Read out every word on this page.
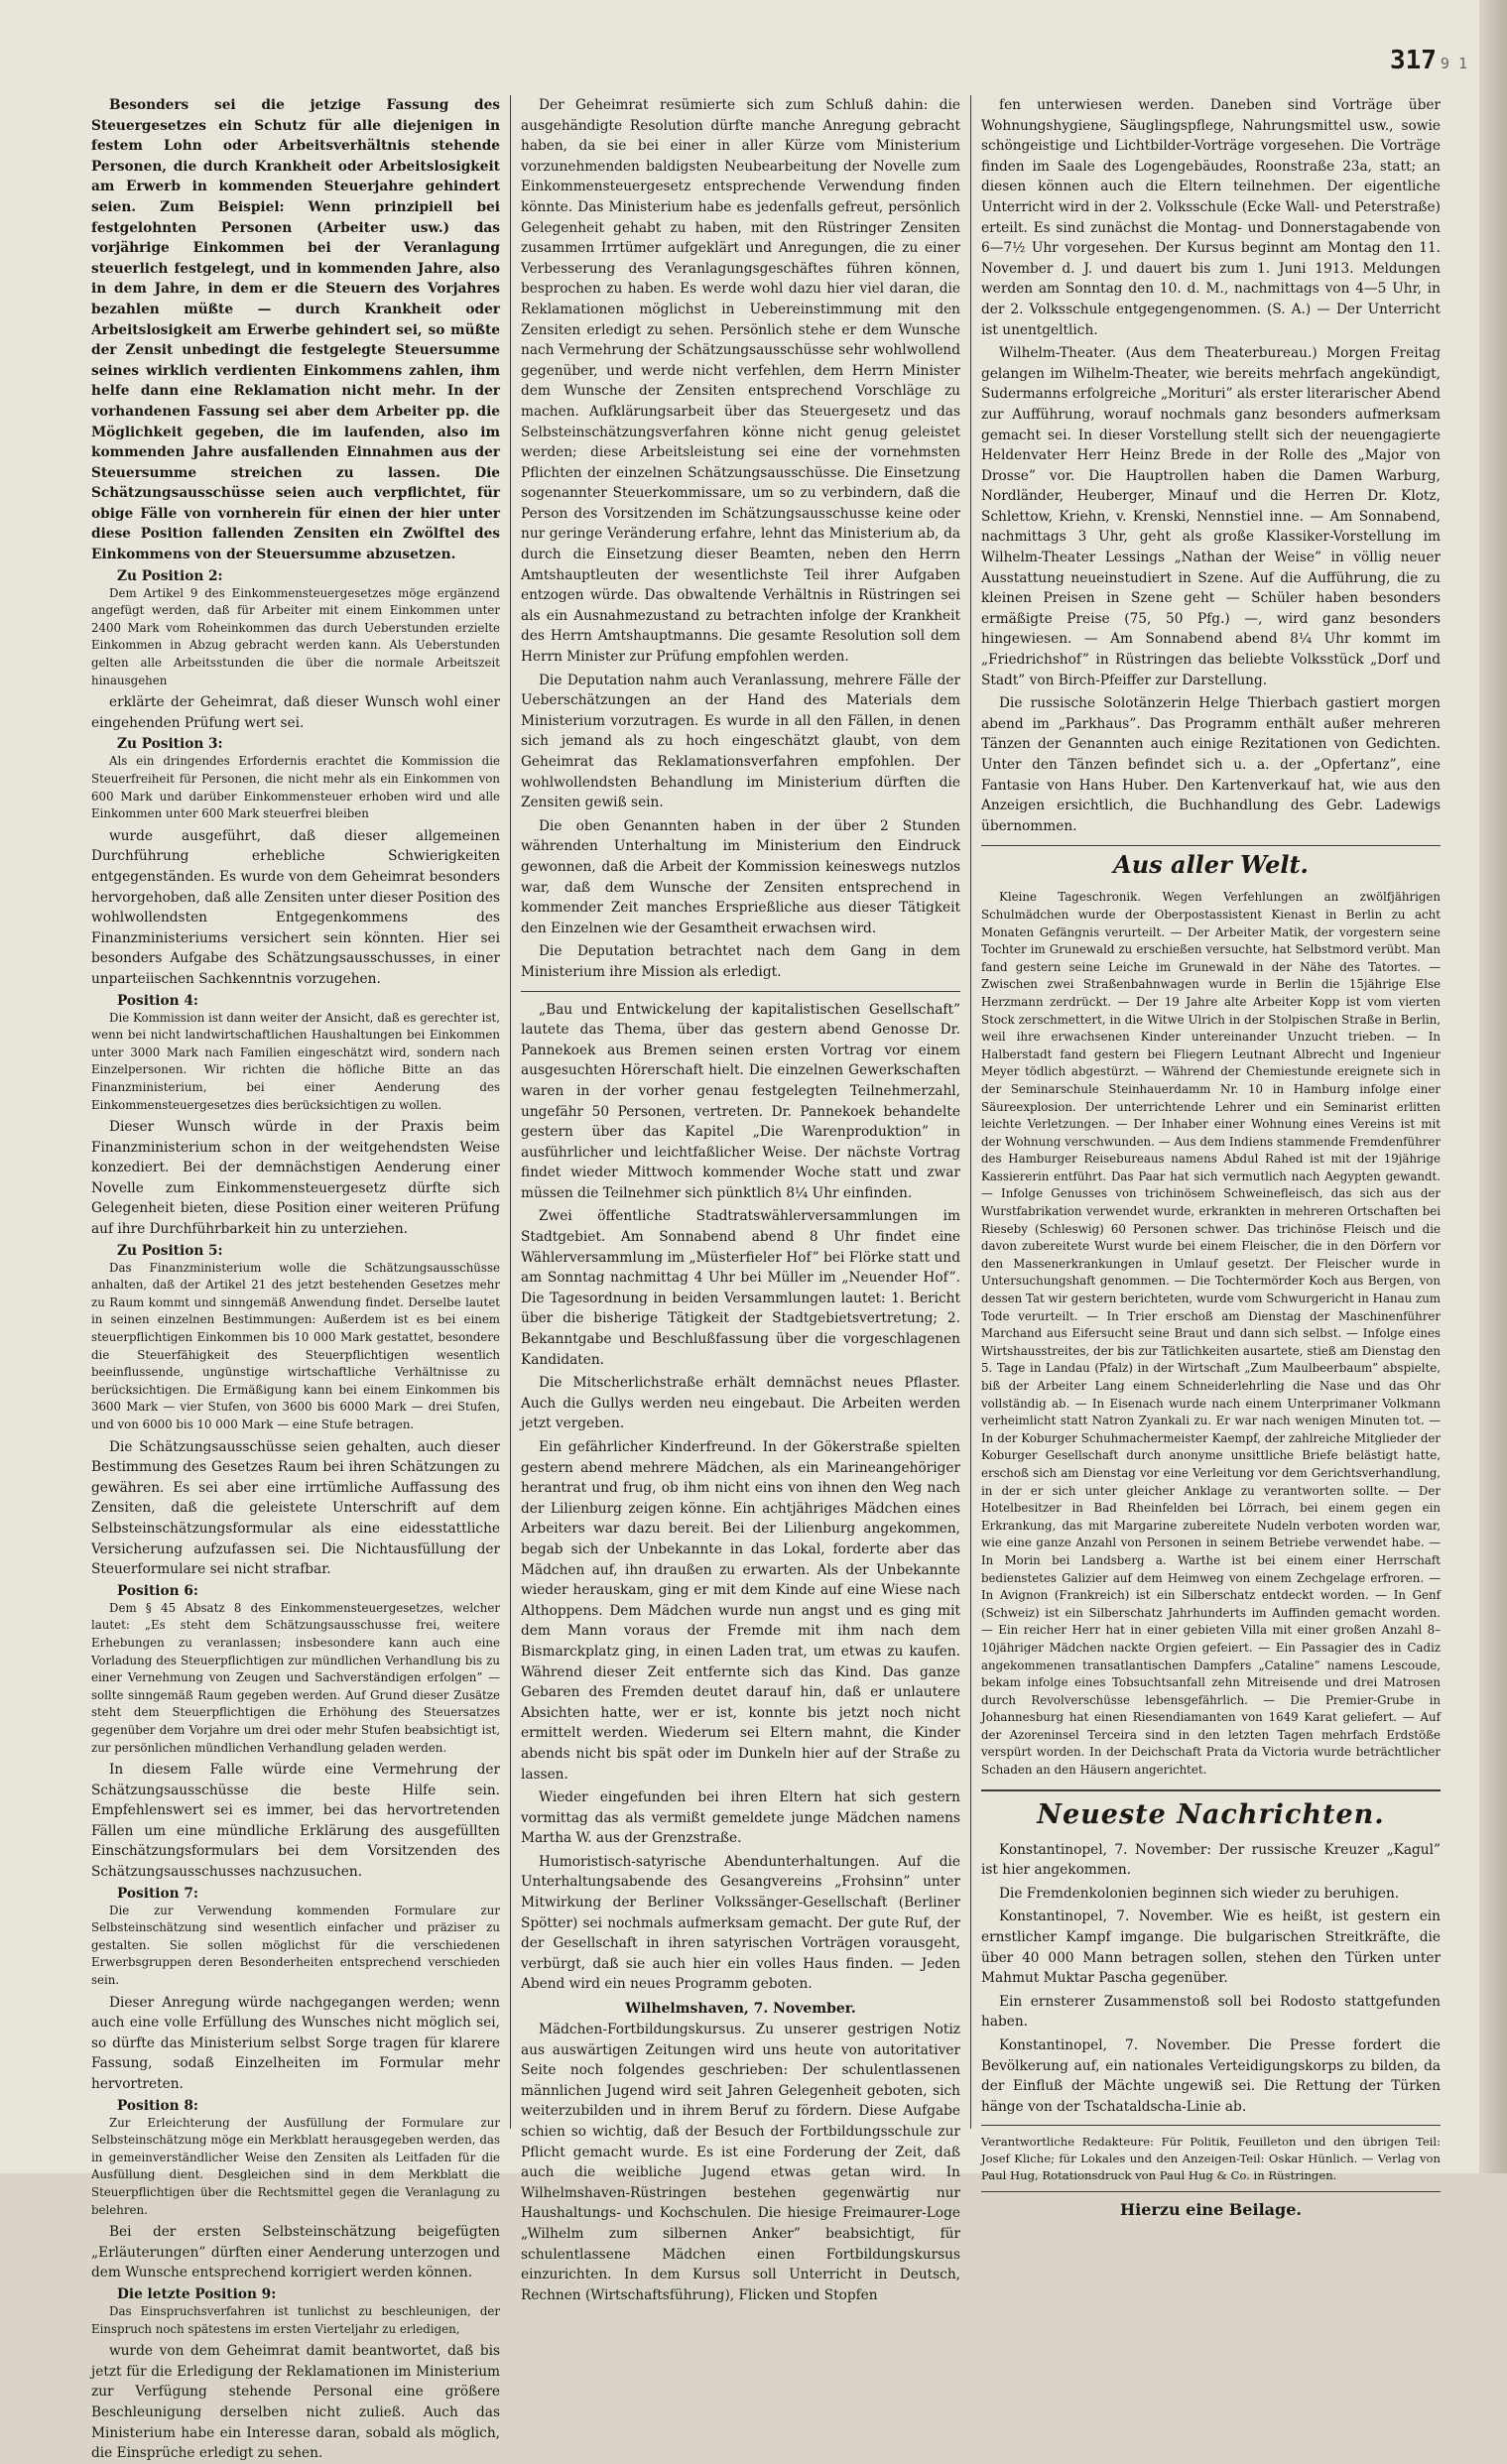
317 9 1

Besonders sei die jetzige Fassung des Steuergesetzes ein Schutz für alle diejenigen in festem Lohn oder Arbeitsverhältnis stehende Personen, die durch Krankheit oder Arbeitslosigkeit am Erwerb in kommenden Steuerjahre gehindert seien. Zum Beispiel: Wenn prinzipiell bei festgelohnten Personen (Arbeiter usw.) das vorjährige Einkommen bei der Veranlagung steuerlich festgelegt, und in kommenden Jahre, also in dem Jahre, in dem er die Steuern des Vorjahres bezahlen müßte — durch Krankheit oder Arbeitslosigkeit am Erwerbe gehindert sei, so müßte der Zensit unbedingt die festgelegte Steuersumme seines wirklich verdienten Einkommens zahlen, ihm helfe dann eine Reklamation nicht mehr. In der vorhandenen Fassung sei aber dem Arbeiter pp. die Möglichkeit gegeben, die im laufenden, also im kommenden Jahre ausfallenden Einnahmen aus der Steuersumme streichen zu lassen. Die Schätzungsausschüsse seien auch verpflichtet, für obige Fälle von vornherein für einen der hier unter diese Position fallenden Zensiten ein Zwölftel des Einkommens von der Steuersumme abzusetzen.

Zu Position 2:

Dem Artikel 9 des Einkommensteuergesetzes möge ergänzend angefügt werden, daß für Arbeiter mit einem Einkommen unter 2400 Mark vom Roheinkommen das durch Ueberstunden erzielte Einkommen in Abzug gebracht werden kann. Als Ueberstunden gelten alle Arbeitsstunden die über die normale Arbeitszeit hinausgehen

erklärte der Geheimrat, daß dieser Wunsch wohl einer eingehenden Prüfung wert sei.

Zu Position 3:

Als ein dringendes Erfordernis erachtet die Kommission die Steuerfreiheit für Personen, die nicht mehr als ein Einkommen von 600 Mark und darüber Einkommensteuer erhoben wird und alle Einkommen unter 600 Mark steuerfrei bleiben

wurde ausgeführt, daß dieser allgemeinen Durchführung erhebliche Schwierigkeiten entgegenständen. Es wurde von dem Geheimrat besonders hervorgehoben, daß alle Zensiten unter dieser Position des wohlwollendsten Entgegenkommens des Finanzministeriums versichert sein könnten. Hier sei besonders Aufgabe des Schätzungsausschusses, in einer unparteiischen Sachkenntnis vorzugehen.

Position 4:

Die Kommission ist dann weiter der Ansicht, daß es gerechter ist, wenn bei nicht landwirtschaftlichen Haushaltungen bei Einkommen unter 3000 Mark nach Familien eingeschätzt wird, sondern nach Einzelpersonen. Wir richten die höfliche Bitte an das Finanzministerium, bei einer Aenderung des Einkommensteuergesetzes dies berücksichtigen zu wollen.

Dieser Wunsch würde in der Praxis beim Finanzministerium schon in der weitgehendsten Weise konzediert. Bei der demnächstigen Aenderung einer Novelle zum Einkommensteuergesetz dürfte sich Gelegenheit bieten, diese Position einer weiteren Prüfung auf ihre Durchführbarkeit hin zu unterziehen.

Zu Position 5:

Das Finanzministerium wolle die Schätzungsausschüsse anhalten, daß der Artikel 21 des jetzt bestehenden Gesetzes mehr zu Raum kommt und sinngemäß Anwendung findet. Derselbe lautet in seinen einzelnen Bestimmungen: Außerdem ist es bei einem steuerpflichtigen Einkommen bis 10 000 Mark gestattet, besondere die Steuerfähigkeit des Steuerpflichtigen wesentlich beeinflussende, ungünstige wirtschaftliche Verhältnisse zu berücksichtigen. Die Ermäßigung kann bei einem Einkommen bis 3600 Mark — vier Stufen, von 3600 bis 6000 Mark — drei Stufen, und von 6000 bis 10 000 Mark — eine Stufe betragen.

Die Schätzungsausschüsse seien gehalten, auch dieser Bestimmung des Gesetzes Raum bei ihren Schätzungen zu gewähren. Es sei aber eine irrtümliche Auffassung des Zensiten, daß die geleistete Unterschrift auf dem Selbsteinschätzungsformular als eine eidesstattliche Versicherung aufzufassen sei. Die Nichtausfüllung der Steuerformulare sei nicht strafbar.

Position 6:

Dem § 45 Absatz 8 des Einkommensteuergesetzes, welcher lautet: „Es steht dem Schätzungsausschusse frei, weitere Erhebungen zu veranlassen; insbesondere kann auch eine Vorladung des Steuerpflichtigen zur mündlichen Verhandlung bis zu einer Vernehmung von Zeugen und Sachverständigen erfolgen” — sollte sinngemäß Raum gegeben werden. Auf Grund dieser Zusätze steht dem Steuerpflichtigen die Erhöhung des Steuersatzes gegenüber dem Vorjahre um drei oder mehr Stufen beabsichtigt ist, zur persönlichen mündlichen Verhandlung geladen werden.

In diesem Falle würde eine Vermehrung der Schätzungsausschüsse die beste Hilfe sein. Empfehlenswert sei es immer, bei das hervortretenden Fällen um eine mündliche Erklärung des ausgefüllten Einschätzungsformulars bei dem Vorsitzenden des Schätzungsausschusses nachzusuchen.

Position 7:

Die zur Verwendung kommenden Formulare zur Selbsteinschätzung sind wesentlich einfacher und präziser zu gestalten. Sie sollen möglichst für die verschiedenen Erwerbsgruppen deren Besonderheiten entsprechend verschieden sein.

Dieser Anregung würde nachgegangen werden; wenn auch eine volle Erfüllung des Wunsches nicht möglich sei, so dürfte das Ministerium selbst Sorge tragen für klarere Fassung, sodaß Einzelheiten im Formular mehr hervortreten.

Position 8:

Zur Erleichterung der Ausfüllung der Formulare zur Selbsteinschätzung möge ein Merkblatt herausgegeben werden, das in gemeinverständlicher Weise den Zensiten als Leitfaden für die Ausfüllung dient. Desgleichen sind in dem Merkblatt die Steuerpflichtigen über die Rechtsmittel gegen die Veranlagung zu belehren.

Bei der ersten Selbsteinschätzung beigefügten „Erläuterungen” dürften einer Aenderung unterzogen und dem Wunsche entsprechend korrigiert werden können.

Die letzte Position 9:

Das Einspruchsverfahren ist tunlichst zu beschleunigen, der Einspruch noch spätestens im ersten Vierteljahr zu erledigen,

wurde von dem Geheimrat damit beantwortet, daß bis jetzt für die Erledigung der Reklamationen im Ministerium zur Verfügung stehende Personal eine größere Beschleunigung derselben nicht zuließ. Auch das Ministerium habe ein Interesse daran, sobald als möglich, die Einsprüche erledigt zu sehen.

Der Geheimrat resümierte sich zum Schluß dahin: die ausgehändigte Resolution dürfte manche Anregung gebracht haben, da sie bei einer in aller Kürze vom Ministerium vorzunehmenden baldigsten Neubearbeitung der Novelle zum Einkommensteuergesetz entsprechende Verwendung finden könnte. Das Ministerium habe es jedenfalls gefreut, persönlich Gelegenheit gehabt zu haben, mit den Rüstringer Zensiten zusammen Irrtümer aufgeklärt und Anregungen, die zu einer Verbesserung des Veranlagungsgeschäftes führen können, besprochen zu haben. Es werde wohl dazu hier viel daran, die Reklamationen möglichst in Uebereinstimmung mit den Zensiten erledigt zu sehen. Persönlich stehe er dem Wunsche nach Vermehrung der Schätzungsausschüsse sehr wohlwollend gegenüber, und werde nicht verfehlen, dem Herrn Minister dem Wunsche der Zensiten entsprechend Vorschläge zu machen. Aufklärungsarbeit über das Steuergesetz und das Selbsteinschätzungsverfahren könne nicht genug geleistet werden; diese Arbeitsleistung sei eine der vornehmsten Pflichten der einzelnen Schätzungsausschüsse. Die Einsetzung sogenannter Steuerkommissare, um so zu verbindern, daß die Person des Vorsitzenden im Schätzungsausschusse keine oder nur geringe Veränderung erfahre, lehnt das Ministerium ab, da durch die Einsetzung dieser Beamten, neben den Herrn Amtshauptleuten der wesentlichste Teil ihrer Aufgaben entzogen würde. Das obwaltende Verhältnis in Rüstringen sei als ein Ausnahmezustand zu betrachten infolge der Krankheit des Herrn Amtshauptmanns. Die gesamte Resolution soll dem Herrn Minister zur Prüfung empfohlen werden.

Die Deputation nahm auch Veranlassung, mehrere Fälle der Ueberschätzungen an der Hand des Materials dem Ministerium vorzutragen. Es wurde in all den Fällen, in denen sich jemand als zu hoch eingeschätzt glaubt, von dem Geheimrat das Reklamationsverfahren empfohlen. Der wohlwollendsten Behandlung im Ministerium dürften die Zensiten gewiß sein.

Die oben Genannten haben in der über 2 Stunden währenden Unterhaltung im Ministerium den Eindruck gewonnen, daß die Arbeit der Kommission keineswegs nutzlos war, daß dem Wunsche der Zensiten entsprechend in kommender Zeit manches Ersprießliche aus dieser Tätigkeit den Einzelnen wie der Gesamtheit erwachsen wird.

Die Deputation betrachtet nach dem Gang in dem Ministerium ihre Mission als erledigt.

„Bau und Entwickelung der kapitalistischen Gesellschaft” lautete das Thema, über das gestern abend Genosse Dr. Pannekoek aus Bremen seinen ersten Vortrag vor einem ausgesuchten Hörerschaft hielt. Die einzelnen Gewerkschaften waren in der vorher genau festgelegten Teilnehmerzahl, ungefähr 50 Personen, vertreten. Dr. Pannekoek behandelte gestern über das Kapitel „Die Warenproduktion” in ausführlicher und leichtfaßlicher Weise. Der nächste Vortrag findet wieder Mittwoch kommender Woche statt und zwar müssen die Teilnehmer sich pünktlich 8¼ Uhr einfinden.

Zwei öffentliche Stadtratswählerversammlungen im Stadtgebiet. Am Sonnabend abend 8 Uhr findet eine Wählerversammlung im „Müsterfieler Hof” bei Flörke statt und am Sonntag nachmittag 4 Uhr bei Müller im „Neuender Hof”. Die Tagesordnung in beiden Versammlungen lautet: 1. Bericht über die bisherige Tätigkeit der Stadtgebietsvertretung; 2. Bekanntgabe und Beschlußfassung über die vorgeschlagenen Kandidaten.

Die Mitscherlichstraße erhält demnächst neues Pflaster. Auch die Gullys werden neu eingebaut. Die Arbeiten werden jetzt vergeben.

Ein gefährlicher Kinderfreund. In der Gökerstraße spielten gestern abend mehrere Mädchen, als ein Marineangehöriger herantrat und frug, ob ihm nicht eins von ihnen den Weg nach der Lilienburg zeigen könne. Ein achtjähriges Mädchen eines Arbeiters war dazu bereit. Bei der Lilienburg angekommen, begab sich der Unbekannte in das Lokal, forderte aber das Mädchen auf, ihn draußen zu erwarten. Als der Unbekannte wieder herauskam, ging er mit dem Kinde auf eine Wiese nach Althoppens. Dem Mädchen wurde nun angst und es ging mit dem Mann voraus der Fremde mit ihm nach dem Bismarckplatz ging, in einen Laden trat, um etwas zu kaufen. Während dieser Zeit entfernte sich das Kind. Das ganze Gebaren des Fremden deutet darauf hin, daß er unlautere Absichten hatte, wer er ist, konnte bis jetzt noch nicht ermittelt werden. Wiederum sei Eltern mahnt, die Kinder abends nicht bis spät oder im Dunkeln hier auf der Straße zu lassen.

Wieder eingefunden bei ihren Eltern hat sich gestern vormittag das als vermißt gemeldete junge Mädchen namens Martha W. aus der Grenzstraße.

Humoristisch-satyrische Abendunterhaltungen. Auf die Unterhaltungsabende des Gesangvereins „Frohsinn” unter Mitwirkung der Berliner Volkssänger-Gesellschaft (Berliner Spötter) sei nochmals aufmerksam gemacht. Der gute Ruf, der der Gesellschaft in ihren satyrischen Vorträgen vorausgeht, verbürgt, daß sie auch hier ein volles Haus finden. — Jeden Abend wird ein neues Programm geboten.

Wilhelmshaven, 7. November.

Mädchen-Fortbildungskursus. Zu unserer gestrigen Notiz aus auswärtigen Zeitungen wird uns heute von autoritativer Seite noch folgendes geschrieben: Der schulentlassenen männlichen Jugend wird seit Jahren Gelegenheit geboten, sich weiterzubilden und in ihrem Beruf zu fördern. Diese Aufgabe schien so wichtig, daß der Besuch der Fortbildungsschule zur Pflicht gemacht wurde. Es ist eine Forderung der Zeit, daß auch die weibliche Jugend etwas getan wird. In Wilhelmshaven-Rüstringen bestehen gegenwärtig nur Haushaltungs- und Kochschulen. Die hiesige Freimaurer-Loge „Wilhelm zum silbernen Anker” beabsichtigt, für schulentlassene Mädchen einen Fortbildungskursus einzurichten. In dem Kursus soll Unterricht in Deutsch, Rechnen (Wirtschaftsführung), Flicken und Stopfen

fen unterwiesen werden. Daneben sind Vorträge über Wohnungshygiene, Säuglingspflege, Nahrungsmittel usw., sowie schöngeistige und Lichtbilder-Vorträge vorgesehen. Die Vorträge finden im Saale des Logengebäudes, Roonstraße 23a, statt; an diesen können auch die Eltern teilnehmen. Der eigentliche Unterricht wird in der 2. Volksschule (Ecke Wall- und Peterstraße) erteilt. Es sind zunächst die Montag- und Donnerstagabende von 6—7½ Uhr vorgesehen. Der Kursus beginnt am Montag den 11. November d. J. und dauert bis zum 1. Juni 1913. Meldungen werden am Sonntag den 10. d. M., nachmittags von 4—5 Uhr, in der 2. Volksschule entgegengenommen. (S. A.) — Der Unterricht ist unentgeltlich.

Wilhelm-Theater. (Aus dem Theaterbureau.) Morgen Freitag gelangen im Wilhelm-Theater, wie bereits mehrfach angekündigt, Sudermanns erfolgreiche „Morituri” als erster literarischer Abend zur Aufführung, worauf nochmals ganz besonders aufmerksam gemacht sei. In dieser Vorstellung stellt sich der neuengagierte Heldenvater Herr Heinz Brede in der Rolle des „Major von Drosse” vor. Die Hauptrollen haben die Damen Warburg, Nordländer, Heuberger, Minauf und die Herren Dr. Klotz, Schlettow, Kriehn, v. Krenski, Nennstiel inne. — Am Sonnabend, nachmittags 3 Uhr, geht als große Klassiker-Vorstellung im Wilhelm-Theater Lessings „Nathan der Weise” in völlig neuer Ausstattung neueinstudiert in Szene. Auf die Aufführung, die zu kleinen Preisen in Szene geht — Schüler haben besonders ermäßigte Preise (75, 50 Pfg.) —, wird ganz besonders hingewiesen. — Am Sonnabend abend 8¼ Uhr kommt im „Friedrichshof” in Rüstringen das beliebte Volksstück „Dorf und Stadt” von Birch-Pfeiffer zur Darstellung.

Die russische Solotänzerin Helge Thierbach gastiert morgen abend im „Parkhaus”. Das Programm enthält außer mehreren Tänzen der Genannten auch einige Rezitationen von Gedichten. Unter den Tänzen befindet sich u. a. der „Opfertanz”, eine Fantasie von Hans Huber. Den Kartenverkauf hat, wie aus den Anzeigen ersichtlich, die Buchhandlung des Gebr. Ladewigs übernommen.

Aus aller Welt.

Kleine Tageschronik. Wegen Verfehlungen an zwölfjährigen Schulmädchen wurde der Oberpostassistent Kienast in Berlin zu acht Monaten Gefängnis verurteilt. — Der Arbeiter Matik, der vorgestern seine Tochter im Grunewald zu erschießen versuchte, hat Selbstmord verübt. Man fand gestern seine Leiche im Grunewald in der Nähe des Tatortes. — Zwischen zwei Straßenbahnwagen wurde in Berlin die 15jährige Else Herzmann zerdrückt. — Der 19 Jahre alte Arbeiter Kopp ist vom vierten Stock zerschmettert, in die Witwe Ulrich in der Stolpischen Straße in Berlin, weil ihre erwachsenen Kinder untereinander Unzucht trieben. — In Halberstadt fand gestern bei Fliegern Leutnant Albrecht und Ingenieur Meyer tödlich abgestürzt. — Während der Chemiestunde ereignete sich in der Seminarschule Steinhauerdamm Nr. 10 in Hamburg infolge einer Säureexplosion. Der unterrichtende Lehrer und ein Seminarist erlitten leichte Verletzungen. — Der Inhaber einer Wohnung eines Vereins ist mit der Wohnung verschwunden. — Aus dem Indiens stammende Fremdenführer des Hamburger Reisebureaus namens Abdul Rahed ist mit der 19jährige Kassiererin entführt. Das Paar hat sich vermutlich nach Aegypten gewandt. — Infolge Genusses von trichinösem Schweinefleisch, das sich aus der Wurstfabrikation verwendet wurde, erkrankten in mehreren Ortschaften bei Rieseby (Schleswig) 60 Personen schwer. Das trichinöse Fleisch und die davon zubereitete Wurst wurde bei einem Fleischer, die in den Dörfern vor den Massenerkrankungen in Umlauf gesetzt. Der Fleischer wurde in Untersuchungshaft genommen. — Die Tochtermörder Koch aus Bergen, von dessen Tat wir gestern berichteten, wurde vom Schwurgericht in Hanau zum Tode verurteilt. — In Trier erschoß am Dienstag der Maschinenführer Marchand aus Eifersucht seine Braut und dann sich selbst. — Infolge eines Wirtshausstreites, der bis zur Tätlichkeiten ausartete, stieß am Dienstag den 5. Tage in Landau (Pfalz) in der Wirtschaft „Zum Maulbeerbaum” abspielte, biß der Arbeiter Lang einem Schneiderlehrling die Nase und das Ohr vollständig ab. — In Eisenach wurde nach einem Unterprimaner Volkmann verheimlicht statt Natron Zyankali zu. Er war nach wenigen Minuten tot. — In der Koburger Schuhmachermeister Kaempf, der zahlreiche Mitglieder der Koburger Gesellschaft durch anonyme unsittliche Briefe belästigt hatte, erschoß sich am Dienstag vor eine Verleitung vor dem Gerichtsverhandlung, in der er sich unter gleicher Anklage zu verantworten sollte. — Der Hotelbesitzer in Bad Rheinfelden bei Lörrach, bei einem gegen ein Erkrankung, das mit Margarine zubereitete Nudeln verboten worden war, wie eine ganze Anzahl von Personen in seinem Betriebe verwendet habe. — In Morin bei Landsberg a. Warthe ist bei einem einer Herrschaft bedienstetes Galizier auf dem Heimweg von einem Zechgelage erfroren. — In Avignon (Frankreich) ist ein Silberschatz entdeckt worden. — In Genf (Schweiz) ist ein Silberschatz Jahrhunderts im Auffinden gemacht worden. — Ein reicher Herr hat in einer gebieten Villa mit einer großen Anzahl 8–10jähriger Mädchen nackte Orgien gefeiert. — Ein Passagier des in Cadiz angekommenen transatlantischen Dampfers „Cataline” namens Lescoude, bekam infolge eines Tobsuchtsanfall zehn Mitreisende und drei Matrosen durch Revolverschüsse lebensgefährlich. — Die Premier-Grube in Johannesburg hat einen Riesendiamanten von 1649 Karat geliefert. — Auf der Azoreninsel Terceira sind in den letzten Tagen mehrfach Erdstöße verspürt worden. In der Deichschaft Prata da Victoria wurde beträchtlicher Schaden an den Häusern angerichtet.

Neueste Nachrichten.

Konstantinopel, 7. November: Der russische Kreuzer „Kagul” ist hier angekommen.

Die Fremdenkolonien beginnen sich wieder zu beruhigen.

Konstantinopel, 7. November. Wie es heißt, ist gestern ein ernstlicher Kampf imgange. Die bulgarischen Streitkräfte, die über 40 000 Mann betragen sollen, stehen den Türken unter Mahmut Muktar Pascha gegenüber.

Ein ernsterer Zusammenstoß soll bei Rodosto stattgefunden haben.

Konstantinopel, 7. November. Die Presse fordert die Bevölkerung auf, ein nationales Verteidigungskorps zu bilden, da der Einfluß der Mächte ungewiß sei. Die Rettung der Türken hänge von der Tschataldscha-Linie ab.

Verantwortliche Redakteure: Für Politik, Feuilleton und den übrigen Teil: Josef Kliche; für Lokales und den Anzeigen-Teil: Oskar Hünlich. — Verlag von Paul Hug, Rotationsdruck von Paul Hug & Co. in Rüstringen.

Hierzu eine Beilage.
